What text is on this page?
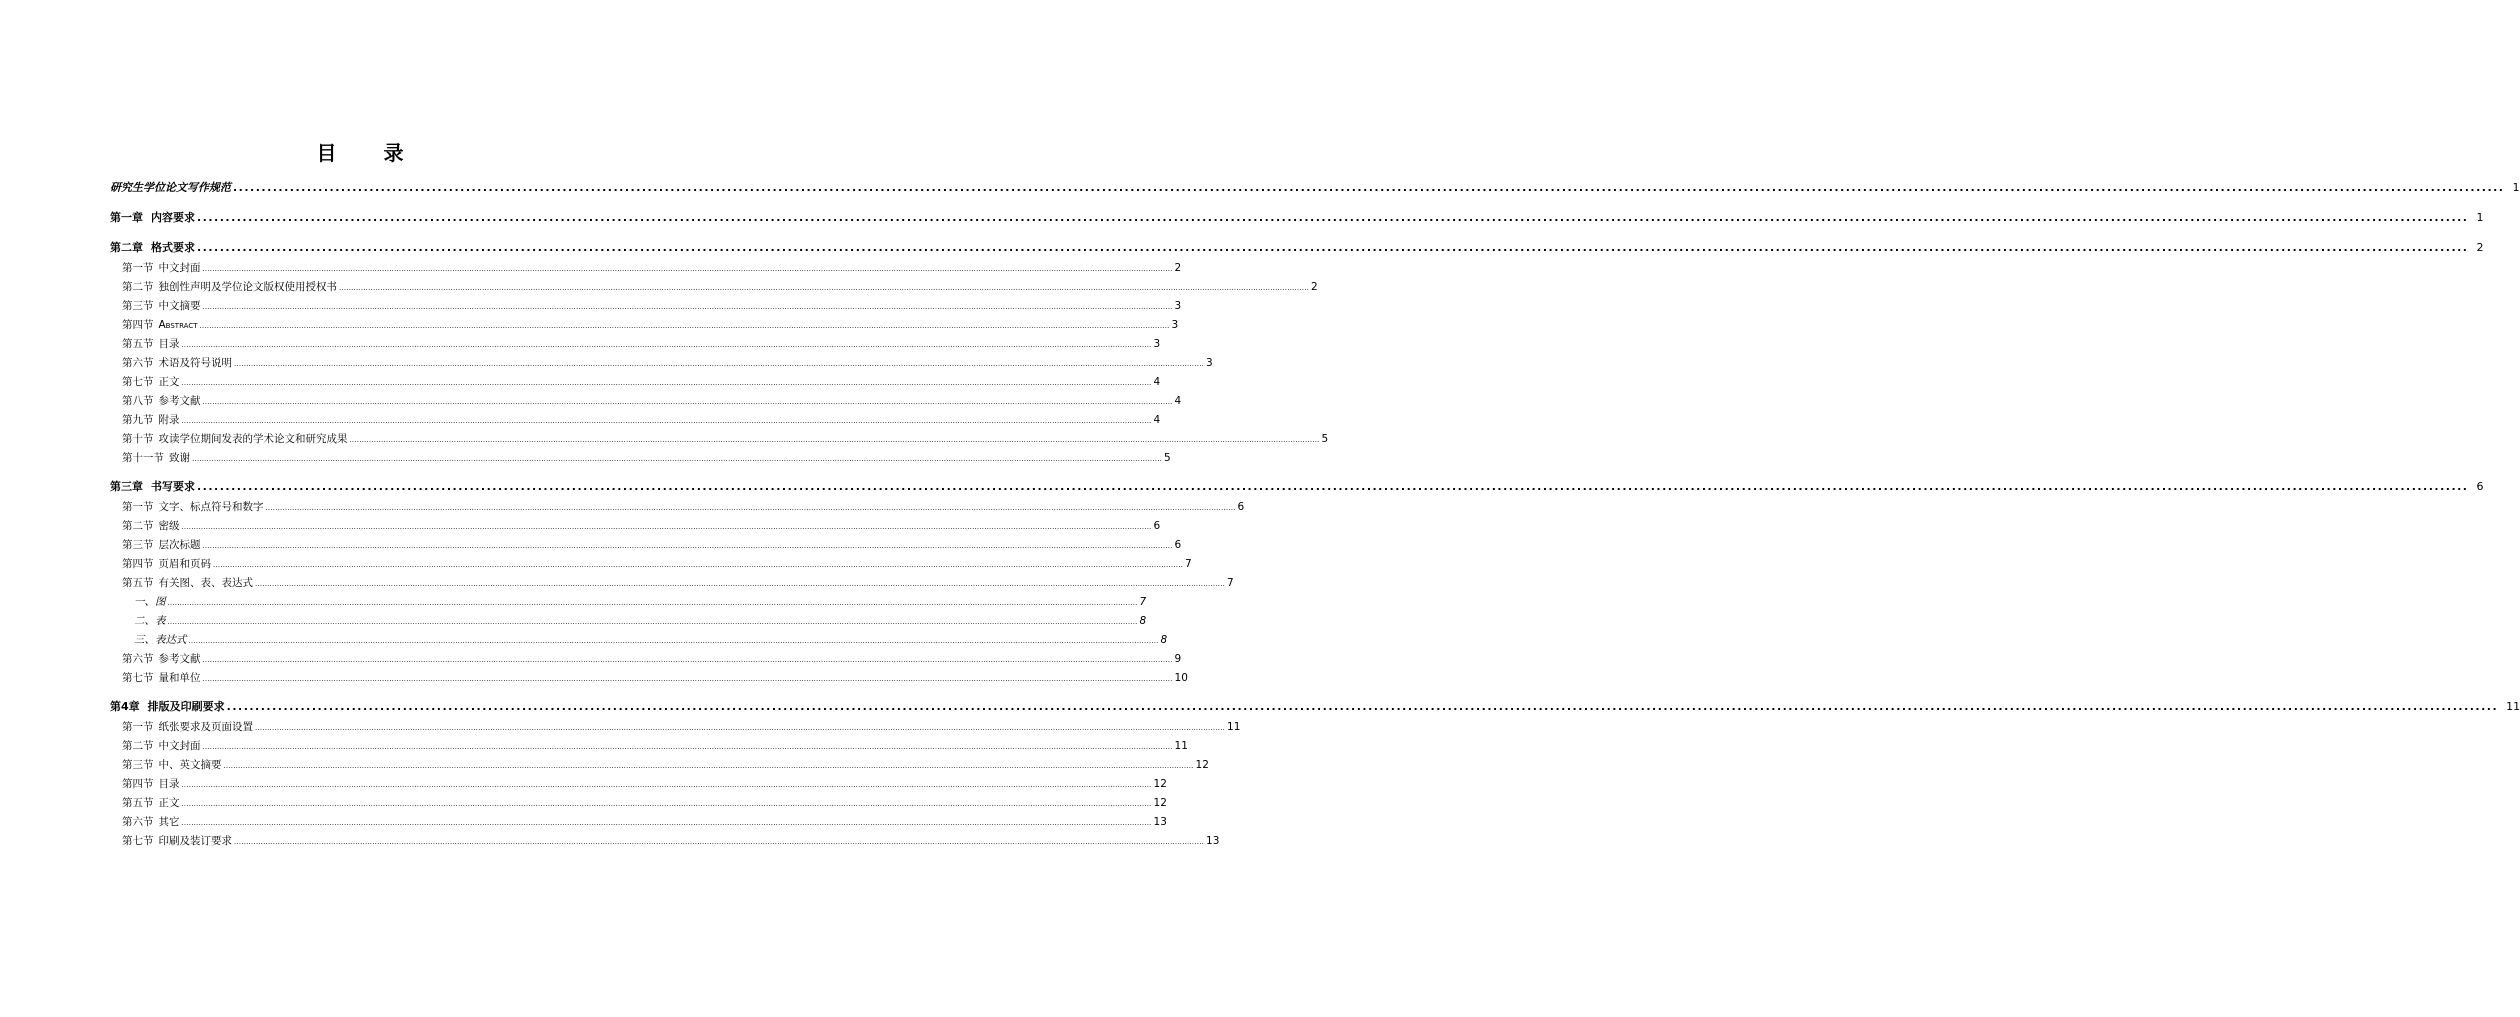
目 录
研究生学位论文写作规范 ................................................................................................................................................................................................................................................................................................................................................................................................................ 1
第一章 内容要求 ................................................................................................................................................................................................................................................................................................................................................................................................................ 1
第二章 格式要求 ................................................................................................................................................................................................................................................................................................................................................................................................................ 2
第一节 中文封面 ................................................................................................................................................................................................................................................................................................................................................................................................................ 2
第二节 独创性声明及学位论文版权使用授权书 ................................................................................................................................................................................................................................................................................................................................................................................................................ 2
第三节 中文摘要 ................................................................................................................................................................................................................................................................................................................................................................................................................ 3
第四节 Abstract ................................................................................................................................................................................................................................................................................................................................................................................................................ 3
第五节 目录 ................................................................................................................................................................................................................................................................................................................................................................................................................ 3
第六节 术语及符号说明 ................................................................................................................................................................................................................................................................................................................................................................................................................ 3
第七节 正文 ................................................................................................................................................................................................................................................................................................................................................................................................................ 4
第八节 参考文献 ................................................................................................................................................................................................................................................................................................................................................................................................................ 4
第九节 附录 ................................................................................................................................................................................................................................................................................................................................................................................................................ 4
第十节 攻读学位期间发表的学术论文和研究成果 ................................................................................................................................................................................................................................................................................................................................................................................................................ 5
第十一节 致谢 ................................................................................................................................................................................................................................................................................................................................................................................................................ 5
第三章 书写要求 ................................................................................................................................................................................................................................................................................................................................................................................................................ 6
第一节 文字、标点符号和数字 ................................................................................................................................................................................................................................................................................................................................................................................................................ 6
第二节 密级 ................................................................................................................................................................................................................................................................................................................................................................................................................ 6
第三节 层次标题 ................................................................................................................................................................................................................................................................................................................................................................................................................ 6
第四节 页眉和页码 ................................................................................................................................................................................................................................................................................................................................................................................................................ 7
第五节 有关图、表、表达式 ................................................................................................................................................................................................................................................................................................................................................................................................................ 7
一、图 ................................................................................................................................................................................................................................................................................................................................................................................................................ 7
二、表 ................................................................................................................................................................................................................................................................................................................................................................................................................ 8
三、表达式 ................................................................................................................................................................................................................................................................................................................................................................................................................ 8
第六节 参考文献 ................................................................................................................................................................................................................................................................................................................................................................................................................ 9
第七节 量和单位 ................................................................................................................................................................................................................................................................................................................................................................................................................ 10
第4章 排版及印刷要求 ................................................................................................................................................................................................................................................................................................................................................................................................................ 11
第一节 纸张要求及页面设置 ................................................................................................................................................................................................................................................................................................................................................................................................................ 11
第二节 中文封面 ................................................................................................................................................................................................................................................................................................................................................................................................................ 11
第三节 中、英文摘要 ................................................................................................................................................................................................................................................................................................................................................................................................................ 12
第四节 目录 ................................................................................................................................................................................................................................................................................................................................................................................................................ 12
第五节 正文 ................................................................................................................................................................................................................................................................................................................................................................................................................ 12
第六节 其它 ................................................................................................................................................................................................................................................................................................................................................................................................................ 13
第七节 印刷及装订要求 ................................................................................................................................................................................................................................................................................................................................................................................................................ 13
